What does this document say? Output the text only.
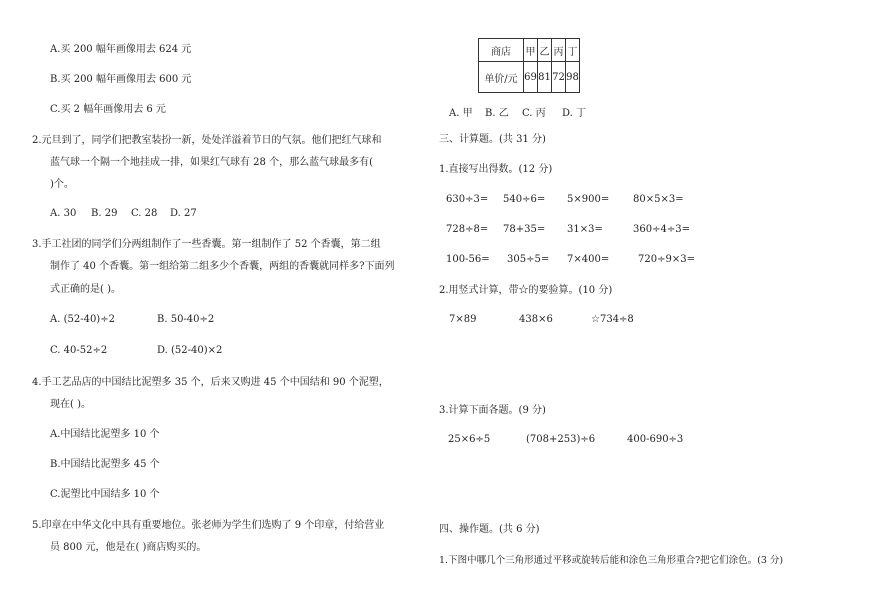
A.买 200 幅年画像用去 624 元
B.买 200 幅年画像用去 600 元
C.买 2 幅年画像用去 6 元
2.元旦到了，同学们把教室装扮一新，处处洋溢着节日的气氛。他们把红气球和
蓝气球一个隔一个地挂成一排，如果红气球有 28 个，那么蓝气球最多有(
)个。
A. 30 B. 29 C. 28 D. 27
3.手工社团的同学们分两组制作了一些香囊。第一组制作了 52 个香囊，第二组
制作了 40 个香囊。第一组给第二组多少个香囊，两组的香囊就同样多?下面列
式正确的是( )。
A. (52-40)÷2	B. 50-40÷2
C. 40-52÷2	D. (52-40)×2
4.手工艺品店的中国结比泥塑多 35 个，后来又购进 45 个中国结和 90 个泥塑，
现在( )。
A.中国结比泥塑多 10 个
B.中国结比泥塑多 45 个
C.泥塑比中国结多 10 个
5.印章在中华文化中具有重要地位。张老师为学生们选购了 9 个印章，付给营业
员 800 元，他是在( )商店购买的。
商店	甲	乙	丙	丁
单价/元	69	81	72	98
A. 甲 B. 乙 C. 丙 D. 丁
三、计算题。(共 31 分)
1.直接写出得数。(12 分)
630÷3= 540÷6= 5×900= 80×5×3=
728÷8= 78+35= 31×3=	360÷4÷3=
100-56= 305÷5= 7×400=	720÷9×3=
2.用竖式计算，带☆的要验算。(10 分)
7×89	438×6	☆734÷8
3.计算下面各题。(9 分)
25×6÷5	(708+253)÷6	400-690÷3
四、操作题。(共 6 分)
1.下图中哪几个三角形通过平移或旋转后能和涂色三角形重合?把它们涂色。(3 分)
